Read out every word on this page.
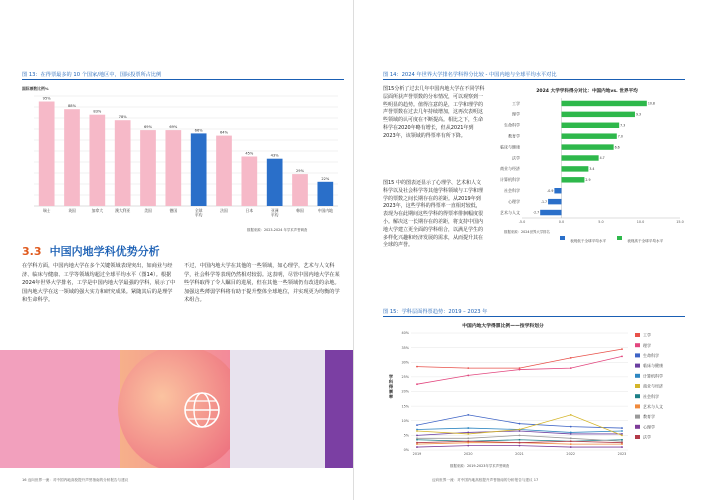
图 13：在得票最多的 10 个国家/地区中，国际投票所占比例
95%
瑞士
88%
英国
83%
加拿大
78%
澳大利亚
69%
美国
69%
德国
66%
全球
平均
64%
法国
45%
日本
43%
亚洲
平均
29%
韩国
22%
中国内地
国际票数比例%
数据来源：2023-2024 年学术声誉调查
3.3 中国内地学科优势分析
在学科方面，中国内地大学在多个关键领域表现突出，如商业与经济、临床与健康、工学等领域均超过全球平均水平（图14）。根据2024年世界大学排名，工学是中国内地大学最强的学科，展示了中国内地大学在这一领域的强大实力和研究成果。紧随其后的是理学和生命科学。
不过，中国内地大学在其他的一些领域，如心理学，艺术与人文科学，社会科学等表现仍然相对较弱。这表明，尽管中国内地大学在某些学科取得了令人瞩目的进展，但在其他一些领域仍有改进的余地。加强这些薄弱学科将有助于提升整体全球地位，并实现更为均衡的学术组合。
16 迈向世界一流：对中国内地高校提升声誉指南的分析报告与建议
图 14：2024 年世界大学排名学科得分比较 - 中国内地与全球平均水平对比
图15分析了过去几年中国内地大学在不同学科层面所获声誉票数的分布情况，可以观察到一些明显的趋势。值得注意的是，工学和理学的声誉票数在过去几年持续增加，这再次表明这些领域的认可度在不断提高。相比之下，生命科学在2020年略有增长，但从2021年到2023年，该领域的得票率有所下降。
图15 中的图表还显示了心理学、艺术和人文科学以及社会科学等其他学科领域与工学和理学的票数之间长期存在的差距。从2019年到2023年，这些学科的得票率一直相对较低，表现为在此期间这些学科的得票率徘徊幅度很小。解决这一长期存在的差距，将支持中国内地大学建立更全面的学科组合，以满足学生的多样化兴趣和经济发展的需求，从而提升其在全球的声誉。
2024 大学学科得分对比：中国内地vs. 世界平均
10.8
工学
9.3
理学
7.3
生命科学
7.0
教育学
6.6
临床与健康
4.7
法学
3.4
商业与经济
2.9
计算机科学
-0.9
社会科学
-1.7
心理学
-2.7
艺术与人文
-5.0	0.0	5.0	10.0	15.0
数据来源：2024世界大学排名
表现低于全球平均水平	表现高于全球平均水平
图 15：学科层面得票趋势：2019 – 2023 年
中国内地大学得票比例——按学科划分
0%
5%
10%
15%
20%
25%
30%
35%
40%
2019	2020	2021	2022	2023
学
科
得
票
率
工学
理学
生命科学
临床与健康
计算机科学
商业与经济
社会科学
艺术与人文
教育学
心理学
法学
数据来源：2019-2023年学术声誉调查
迈向世界一流：对中国内地高校提升声誉指南的分析报告与建议 17
